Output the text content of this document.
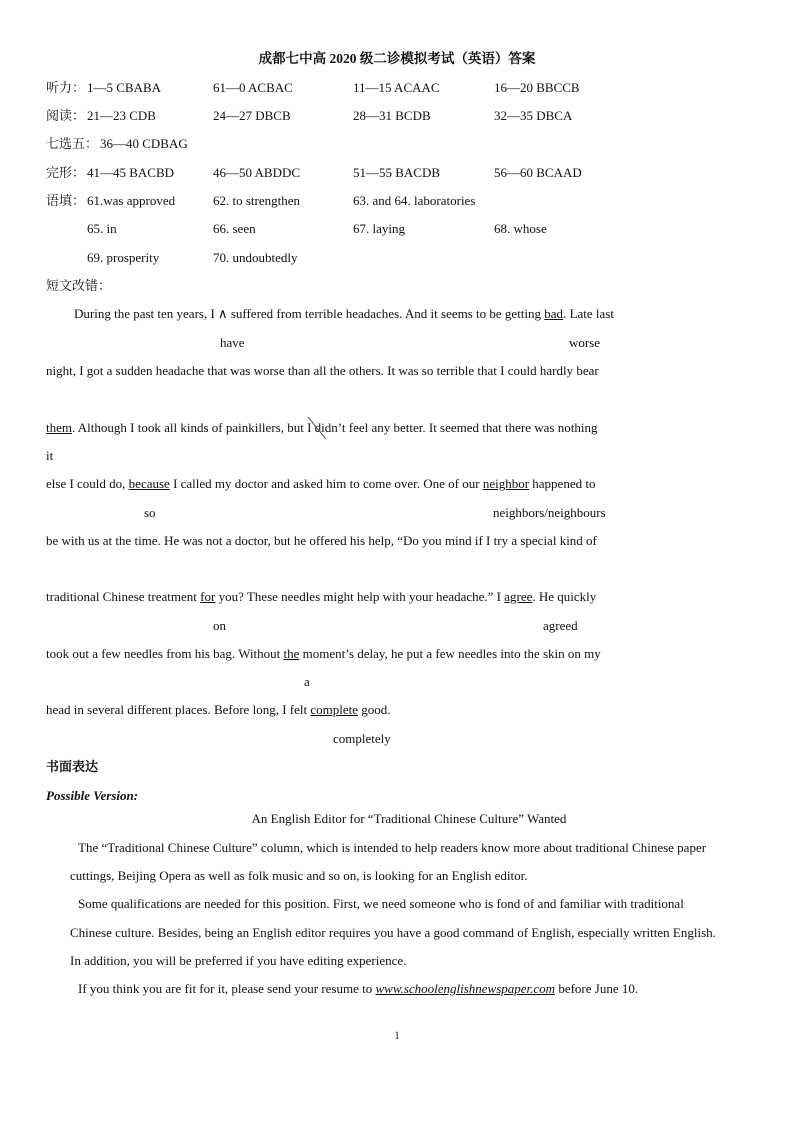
成都七中高 2020 级二诊模拟考试（英语）答案
听力： 1—5 CBABA	61—0 ACBAC	11—15 ACAAC	16—20 BBCCB
阅读： 21—23 CDB	24—27 DBCB	28—31 BCDB	32—35 DBCA
七选五： 36—40 CDBAG
完形： 41—45 BACBD	46—50 ABDDC	51—55 BACDB	56—60 BCAAD
语填： 61.was approved	62. to strengthen	63. and 64. laboratories
65. in	66. seen	67. laying	68. whose
69. prosperity	70. undoubtedly
短文改错：
During the past ten years, I ∧ suffered from terrible headaches. And it seems to be getting bad. Late last
have	worse
night, I got a sudden headache that was worse than all the others. It was so terrible that I could hardly bear
them. Although I took all kinds of painkillers, but I didn’t feel any better. It seemed that there was nothing
it
else I could do, because I called my doctor and asked him to come over. One of our neighbor happened to
so	neighbors/neighbours
be with us at the time. He was not a doctor, but he offered his help, “Do you mind if I try a special kind of
traditional Chinese treatment for you? These needles might help with your headache.” I agree. He quickly
on	agreed
took out a few needles from his bag. Without the moment’s delay, he put a few needles into the skin on my
a
head in several different places. Before long, I felt complete good.
completely
书面表达
Possible Version:
An English Editor for “Traditional Chinese Culture” Wanted
The “Traditional Chinese Culture” column, which is intended to help readers know more about traditional Chinese paper
cuttings, Beijing Opera as well as folk music and so on, is looking for an English editor.
Some qualifications are needed for this position. First, we need someone who is fond of and familiar with traditional
Chinese culture. Besides, being an English editor requires you have a good command of English, especially written English.
In addition, you will be preferred if you have editing experience.
If you think you are fit for it, please send your resume to www.schoolenglishnewspaper.com before June 10.
1
